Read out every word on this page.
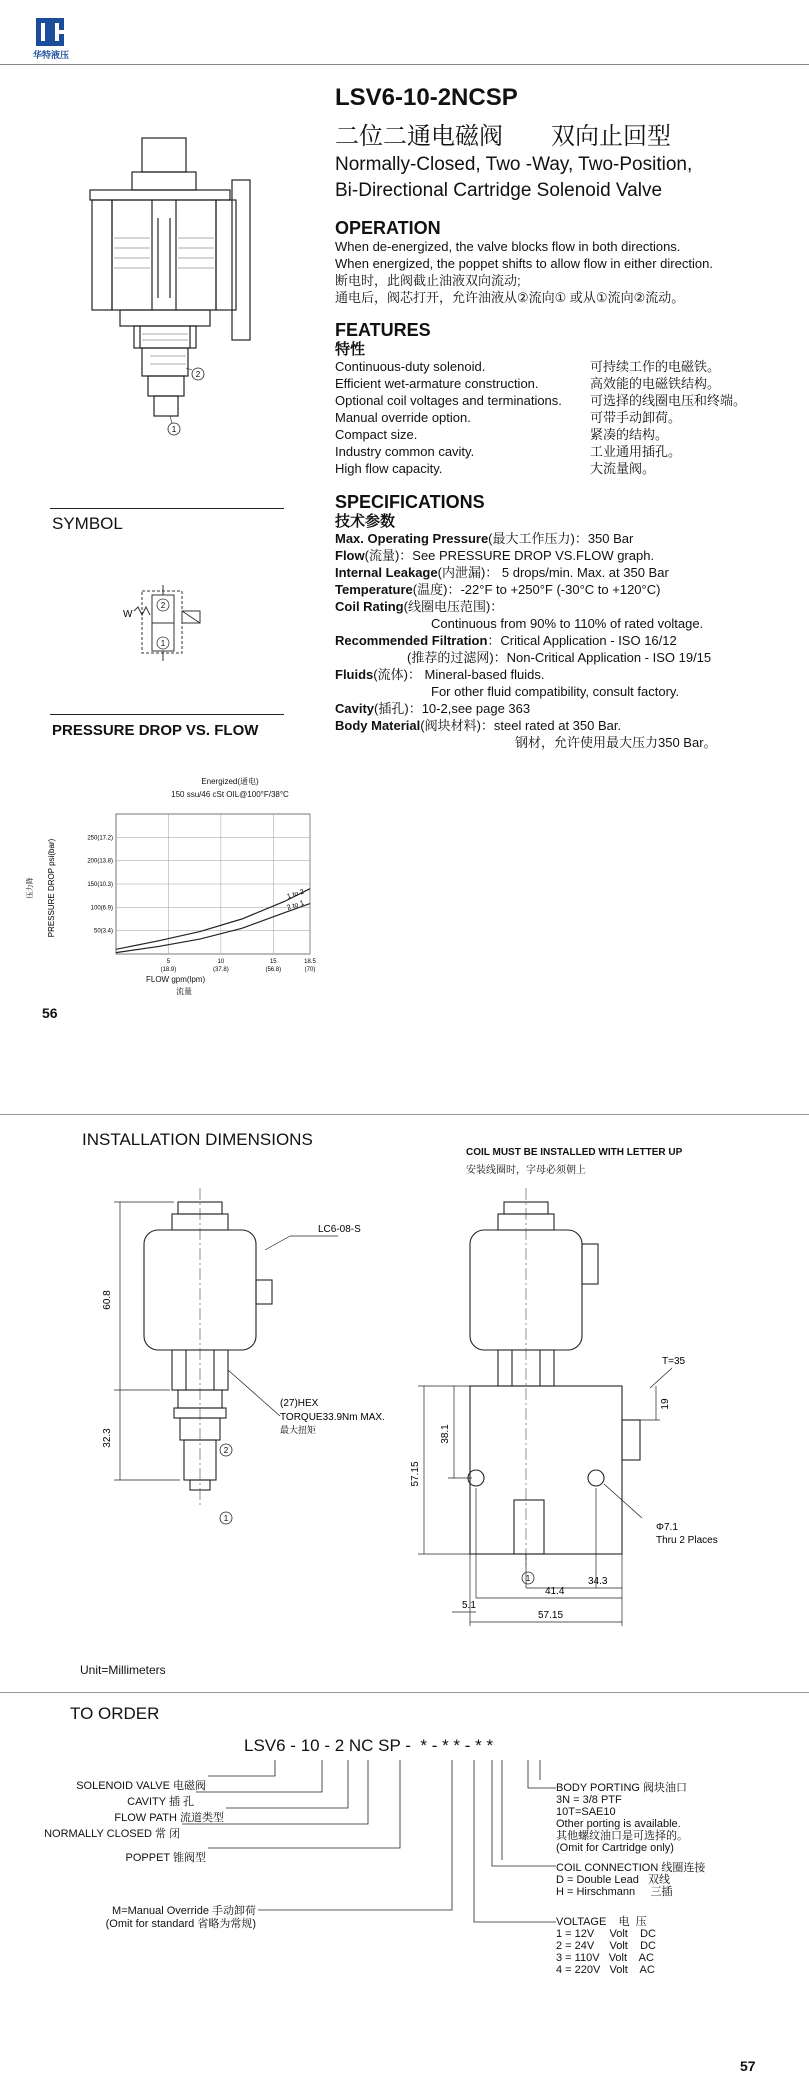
华特液压
LSV6-10-2NCSP
二位二通电磁阀　　双向止回型
Normally-Closed, Two -Way, Two-Position,
Bi-Directional Cartridge Solenoid Valve
2
1
OPERATION
When de-energized, the valve blocks flow in both directions.
When energized, the poppet shifts to allow flow in either direction.
断电时，此阀截止油液双向流动;
通电后，阀芯打开，允许油液从②流向① 或从①流向②流动。
FEATURES
特性
Continuous-duty solenoid.	可持续工作的电磁铁。
Efficient wet-armature construction.	高效能的电磁铁结构。
Optional coil voltages and terminations.	可选择的线圈电压和终端。
Manual override option.	可带手动卸荷。
Compact size.	紧凑的结构。
Industry common cavity.	工业通用插孔。
High flow capacity.	大流量阀。
SYMBOL
W
2
1
PRESSURE DROP VS. FLOW
SPECIFICATIONS
技术参数
Max. Operating Pressure(最大工作压力)：350 Bar
Flow(流量)：See PRESSURE DROP VS.FLOW graph.
Internal Leakage(内泄漏)： 5 drops/min. Max. at 350 Bar
Temperature(温度)：-22°F to +250°F (-30°C to +120°C)
Coil Rating(线圈电压范围)：
Continuous from 90% to 110% of rated voltage.
Recommended Filtration：Critical Application - ISO 16/12
(推荐的过滤网)：Non-Critical Application - ISO 19/15
Fluids(流体)： Mineral-based fluids.
For other fluid compatibility, consult factory.
Cavity(插孔)：10-2,see page 363
Body Material(阀块材料)：steel rated at 350 Bar.
钢材，允许使用最大压力350 Bar。
Energized(通电)
150 ssu/46 cSt OIL@100°F/38°C
压力降 PRESSURE DROP psi(bar)	1 to 2
2 to 1
50(3.4)
100(6.9)
150(10.3)
200(13.8)
250(17.2)
5
(18.9)
10
(37.8)
15
(56.8)
18.5
(70)
FLOW gpm(lpm)
流量
56
INSTALLATION DIMENSIONS
COIL MUST BE INSTALLED WITH LETTER UP
安装线圈时，字母必须朝上
60.8
32.3
LC6-08-S
(27)HEX
TORQUE33.9Nm MAX.
最大扭矩
2
1
57.15
38.1
19
T=35
Φ7.1
Thru 2 Places
34.3
41.4
5.1
57.15
1
Unit=Millimeters
TO ORDER
LSV6 - 10 - 2 NC SP -  * - * * - * *
SOLENOID VALVE 电磁阀
CAVITY 插 孔
FLOW PATH 流道类型
NORMALLY CLOSED 常 闭
POPPET 锥阀型
M=Manual Override 手动卸荷
(Omit for standard 省略为常规)
BODY PORTING 阀块油口
3N = 3/8 PTF
10T=SAE10
Other porting is available.
其他螺纹油口是可选择的。
(Omit for Cartridge only)
COIL CONNECTION 线圈连接
D = Double Lead   双线
H = Hirschmann     三插
VOLTAGE    电  压
1 = 12V     Volt    DC
2 = 24V     Volt    DC
3 = 110V   Volt    AC
4 = 220V   Volt    AC
57
